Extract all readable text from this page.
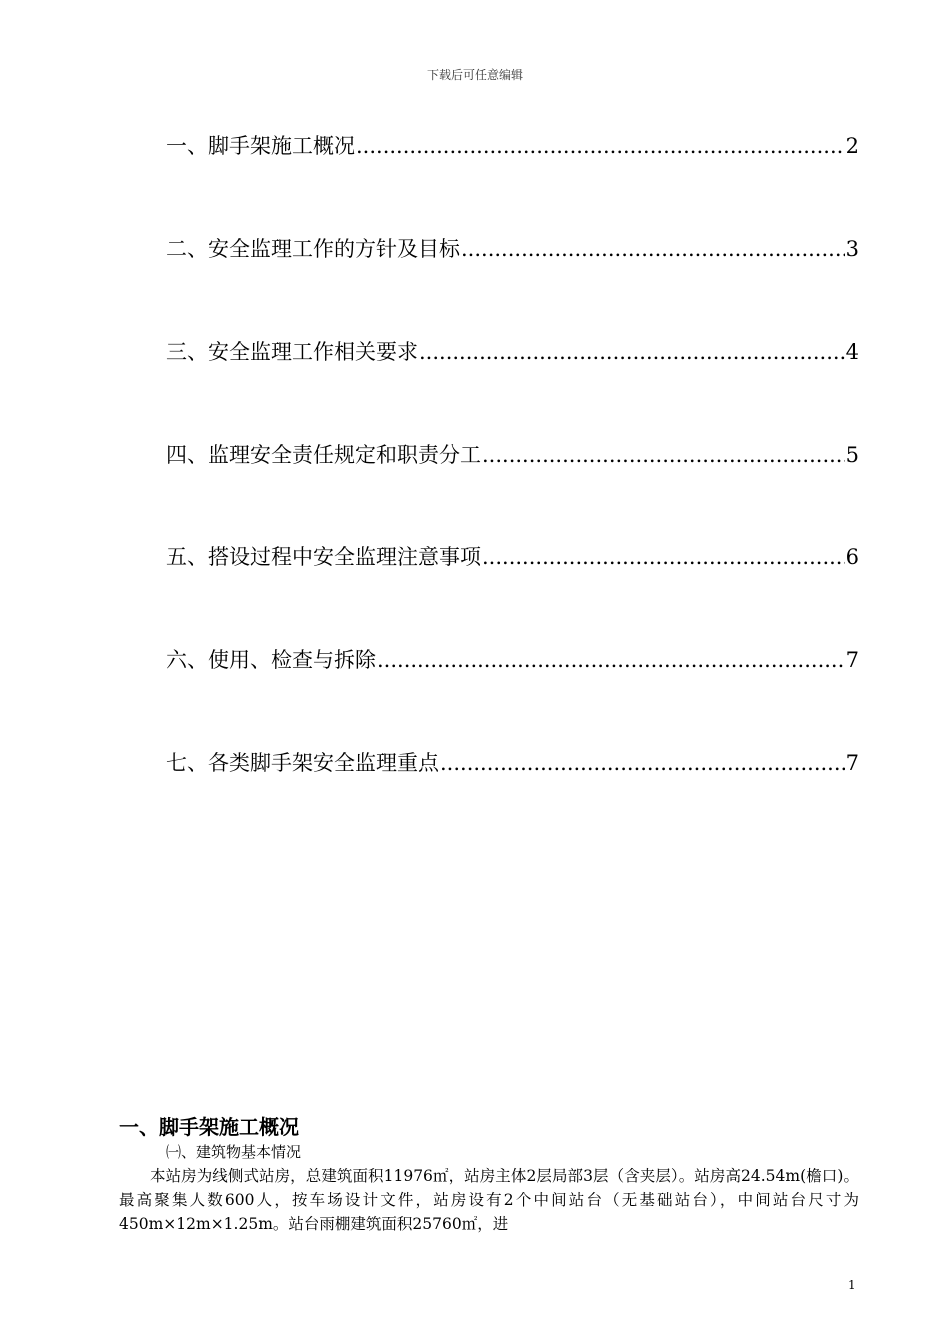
下载后可任意编辑
一、脚手架施工概况 .....	2
二、安全监理工作的方针及目标 .....	3
三、安全监理工作相关要求 .....	4
四、监理安全责任规定和职责分工 .....	5
五、搭设过程中安全监理注意事项 .....	6
六、使用、检查与拆除 .....	7
七、各类脚手架安全监理重点 .....	7
一、脚手架施工概况
㈠、建筑物基本情况
本站房为线侧式站房，总建筑面积11976㎡，站房主体2层局部3层（含夹层）。站房高24.54m(檐口)。最高聚集人数600人，按车场设计文件，站房设有2个中间站台（无基础站台），中间站台尺寸为450m×12m×1.25m。站台雨棚建筑面积25760㎡，进
1
